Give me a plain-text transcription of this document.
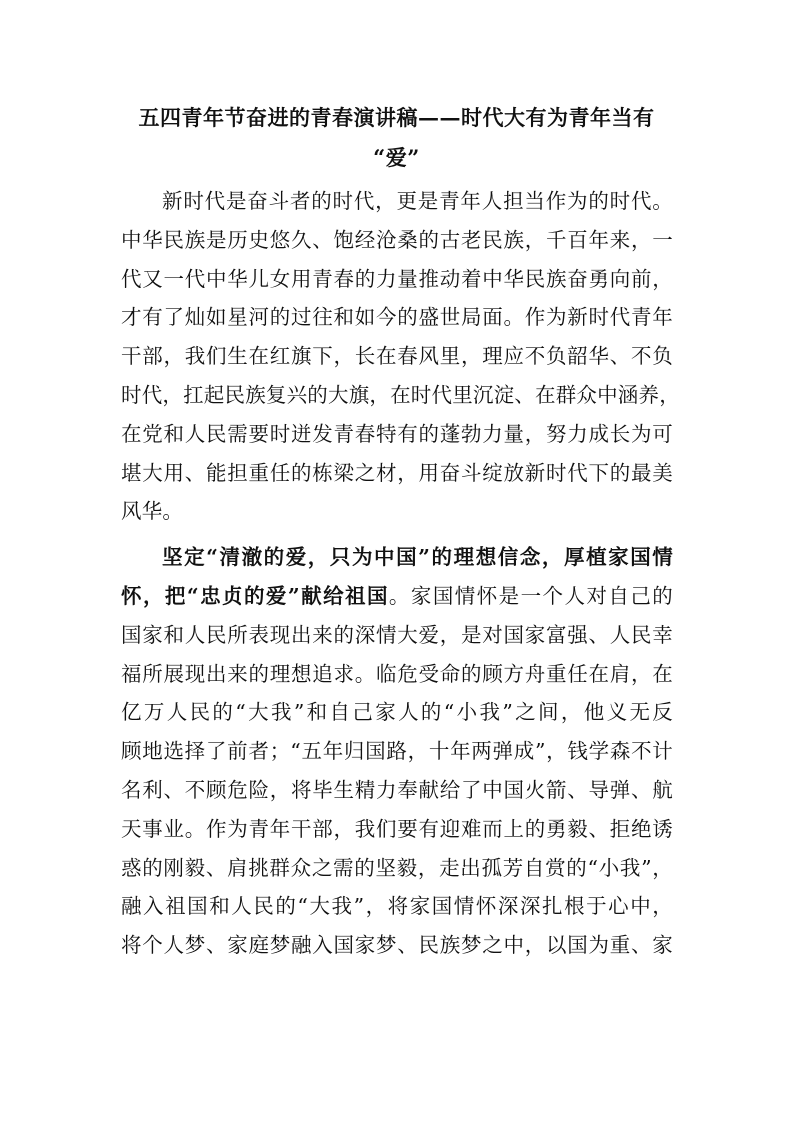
五四青年节奋进的青春演讲稿——时代大有为青年当有
“爱”
新时代是奋斗者的时代，更是青年人担当作为的时代。
中华民族是历史悠久、饱经沧桑的古老民族，千百年来，一
代又一代中华儿女用青春的力量推动着中华民族奋勇向前，
才有了灿如星河的过往和如今的盛世局面。作为新时代青年
干部，我们生在红旗下，长在春风里，理应不负韶华、不负
时代，扛起民族复兴的大旗，在时代里沉淀、在群众中涵养，
在党和人民需要时迸发青春特有的蓬勃力量，努力成长为可
堪大用、能担重任的栋梁之材，用奋斗绽放新时代下的最美
风华。
坚定“清澈的爱，只为中国”的理想信念，厚植家国情
怀，把“忠贞的爱”献给祖国。家国情怀是一个人对自己的
国家和人民所表现出来的深情大爱，是对国家富强、人民幸
福所展现出来的理想追求。临危受命的顾方舟重任在肩，在
亿万人民的“大我”和自己家人的“小我”之间，他义无反
顾地选择了前者；“五年归国路，十年两弹成”，钱学森不计
名利、不顾危险，将毕生精力奉献给了中国火箭、导弹、航
天事业。作为青年干部，我们要有迎难而上的勇毅、拒绝诱
惑的刚毅、肩挑群众之需的坚毅，走出孤芳自赏的“小我”，
融入祖国和人民的“大我”，将家国情怀深深扎根于心中，
将个人梦、家庭梦融入国家梦、民族梦之中，以国为重、家
